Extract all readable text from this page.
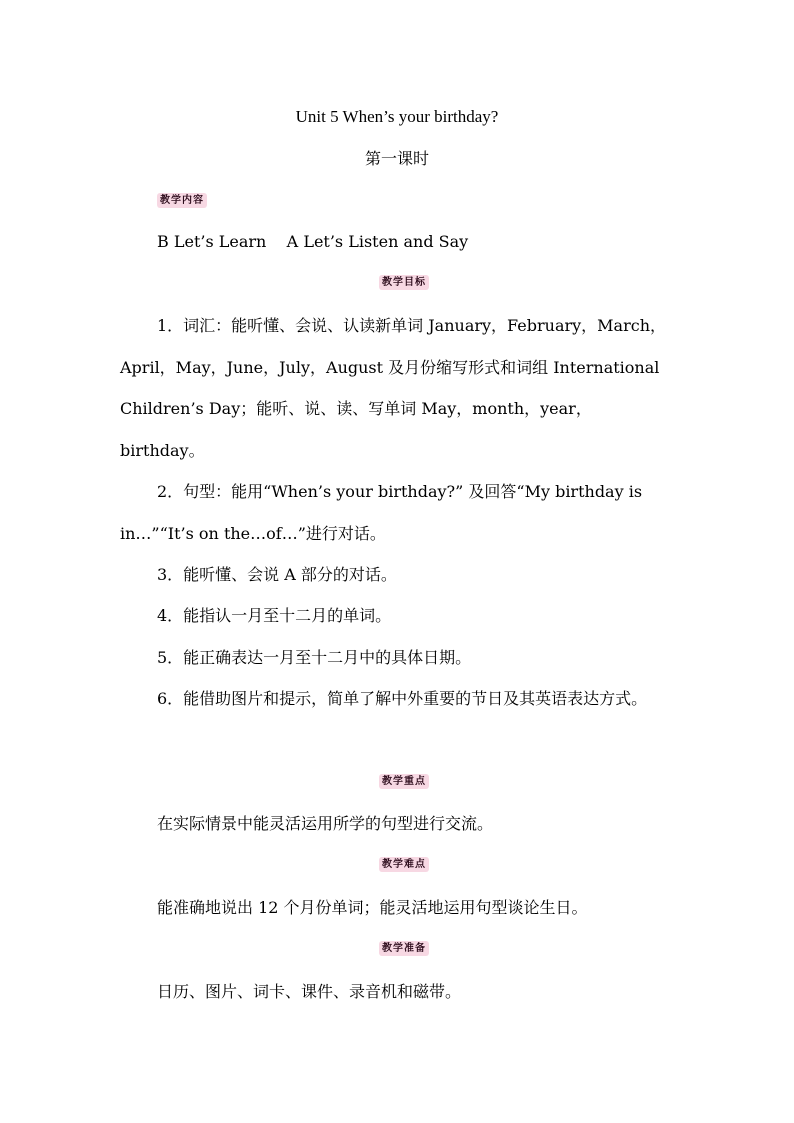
Unit 5 When’s your birthday?
第一课时
教学内容
B Let’s Learn    A Let’s Listen and Say
教学目标
1．词汇：能听懂、会说、认读新单词 January，February，March，April，May，June，July，August 及月份缩写形式和词组 International Children’s Day；能听、说、读、写单词 May，month，year，birthday。
2．句型：能用“When’s your birthday?” 及回答“My birthday is in…”“It’s on the…of…”进行对话。
3．能听懂、会说 A 部分的对话。
4．能指认一月至十二月的单词。
5．能正确表达一月至十二月中的具体日期。
6．能借助图片和提示，简单了解中外重要的节日及其英语表达方式。
教学重点
在实际情景中能灵活运用所学的句型进行交流。
教学难点
能准确地说出 12 个月份单词；能灵活地运用句型谈论生日。
教学准备
日历、图片、词卡、课件、录音机和磁带。
